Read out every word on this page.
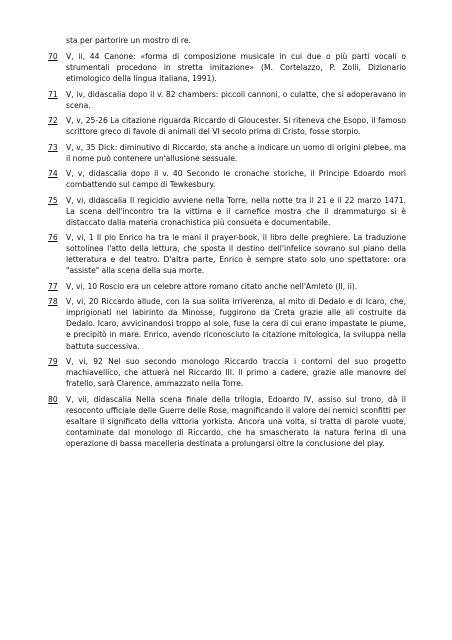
sta per partorire un mostro di re.
70 V, ii, 44 Canone: «forma di composizione musicale in cui due o più parti vocali o strumentali procedono in stretta imitazione» (M. Cortelazzo, P. Zolli, Dizionario etimologico della lingua italiana, 1991).
71 V, iv, didascalia dopo il v. 82 chambers: piccoli cannoni, o culatte, che si adoperavano in scena.
72 V, v, 25-26 La citazione riguarda Riccardo di Gloucester. Si riteneva che Esopo, il famoso scrittore greco di favole di animali del VI secolo prima di Cristo, fosse storpio.
73 V, v, 35 Dick: diminutivo di Riccardo, sta anche a indicare un uomo di origini plebee, ma il nome può contenere un'allusione sessuale.
74 V, v, didascalia dopo il v. 40 Secondo le cronache storiche, il Principe Edoardo morì combattendo sul campo di Tewkesbury.
75 V, vi, didascalia Il regicidio avviene nella Torre, nella notte tra il 21 e il 22 marzo 1471. La scena dell'incontro tra la vittima e il carnefice mostra che il drammaturgo si è distaccato dalla materia cronachistica più consueta e documentabile.
76 V, vi, 1 Il pio Enrico ha tra le mani il prayer-book, il libro delle preghiere. La traduzione sottolinea l'atto della lettura, che sposta il destino dell'infelice sovrano sul piano della letteratura e del teatro. D'altra parte, Enrico è sempre stato solo uno spettatore: ora "assiste" alla scena della sua morte.
77 V, vi, 10 Roscio era un celebre attore romano citato anche nell'Amleto (II, ii).
78 V, vi, 20 Riccardo allude, con la sua solita irriverenza, al mito di Dedalo e di Icaro, che, imprigionati nel labirinto da Minosse, fuggirono da Creta grazie alle ali costruite da Dedalo. Icaro, avvicinandosi troppo al sole, fuse la cera di cui erano impastate le piume, e precipitò in mare. Enrico, avendo riconosciuto la citazione mitologica, la sviluppa nella battuta successiva.
79 V, vi, 92 Nel suo secondo monologo Riccardo traccia i contorni del suo progetto machiavellico, che attuerà nel Riccardo III. Il primo a cadere, grazie alle manovre del fratello, sarà Clarence, ammazzato nella Torre.
80 V, vii, didascalia Nella scena finale della trilogia, Edoardo IV, assiso sul trono, dà il resoconto ufficiale delle Guerre delle Rose, magnificando il valore dei nemici sconfitti per esaltare il significato della vittoria yorkista. Ancora una volta, si tratta di parole vuote, contaminate dal monologo di Riccardo, che ha smascherato la natura ferina di una operazione di bassa macelleria destinata a prolungarsi oltre la conclusione del play.
